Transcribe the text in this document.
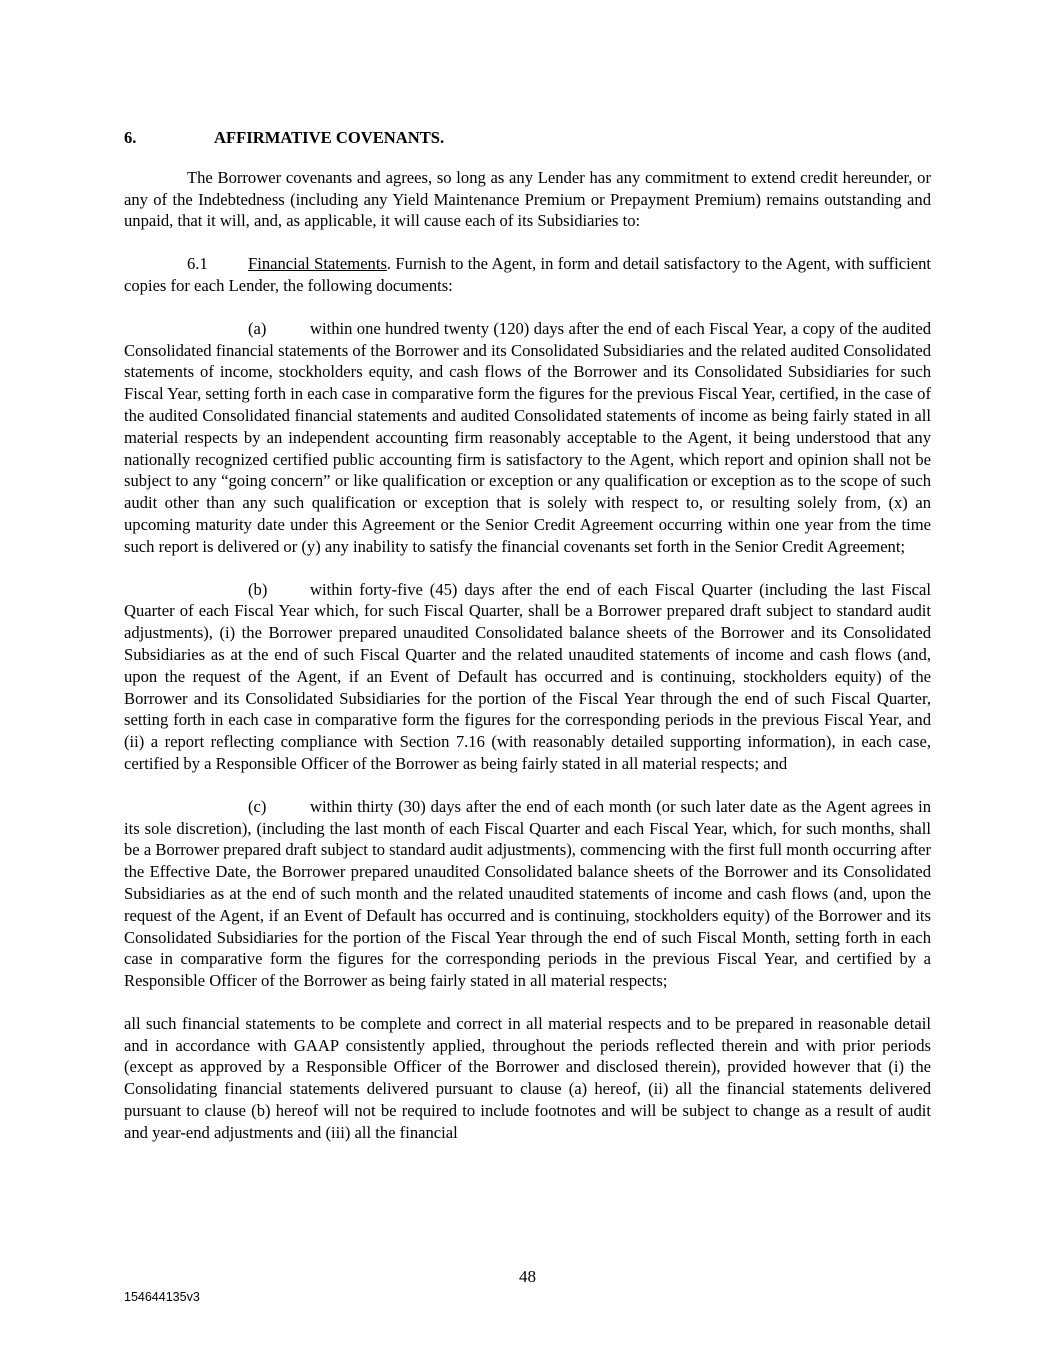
6.	AFFIRMATIVE COVENANTS.

The Borrower covenants and agrees, so long as any Lender has any commitment to extend credit hereunder, or any of the Indebtedness (including any Yield Maintenance Premium or Prepayment Premium) remains outstanding and unpaid, that it will, and, as applicable, it will cause each of its Subsidiaries to:

6.1 Financial Statements. Furnish to the Agent, in form and detail satisfactory to the Agent, with sufficient copies for each Lender, the following documents:

(a)	within one hundred twenty (120) days after the end of each Fiscal Year, a copy of the audited Consolidated financial statements of the Borrower and its Consolidated Subsidiaries and the related audited Consolidated statements of income, stockholders equity, and cash flows of the Borrower and its Consolidated Subsidiaries for such Fiscal Year, setting forth in each case in comparative form the figures for the previous Fiscal Year, certified, in the case of the audited Consolidated financial statements and audited Consolidated statements of income as being fairly stated in all material respects by an independent accounting firm reasonably acceptable to the Agent, it being understood that any nationally recognized certified public accounting firm is satisfactory to the Agent, which report and opinion shall not be subject to any “going concern” or like qualification or exception or any qualification or exception as to the scope of such audit other than any such qualification or exception that is solely with respect to, or resulting solely from, (x) an upcoming maturity date under this Agreement or the Senior Credit Agreement occurring within one year from the time such report is delivered or (y) any inability to satisfy the financial covenants set forth in the Senior Credit Agreement;

(b)	within forty-five (45) days after the end of each Fiscal Quarter (including the last Fiscal Quarter of each Fiscal Year which, for such Fiscal Quarter, shall be a Borrower prepared draft subject to standard audit adjustments), (i) the Borrower prepared unaudited Consolidated balance sheets of the Borrower and its Consolidated Subsidiaries as at the end of such Fiscal Quarter and the related unaudited statements of income and cash flows (and, upon the request of the Agent, if an Event of Default has occurred and is continuing, stockholders equity) of the Borrower and its Consolidated Subsidiaries for the portion of the Fiscal Year through the end of such Fiscal Quarter, setting forth in each case in comparative form the figures for the corresponding periods in the previous Fiscal Year, and (ii) a report reflecting compliance with Section 7.16 (with reasonably detailed supporting information), in each case, certified by a Responsible Officer of the Borrower as being fairly stated in all material respects; and

(c)	within thirty (30) days after the end of each month (or such later date as the Agent agrees in its sole discretion), (including the last month of each Fiscal Quarter and each Fiscal Year, which, for such months, shall be a Borrower prepared draft subject to standard audit adjustments), commencing with the first full month occurring after the Effective Date, the Borrower prepared unaudited Consolidated balance sheets of the Borrower and its Consolidated Subsidiaries as at the end of such month and the related unaudited statements of income and cash flows (and, upon the request of the Agent, if an Event of Default has occurred and is continuing, stockholders equity) of the Borrower and its Consolidated Subsidiaries for the portion of the Fiscal Year through the end of such Fiscal Month, setting forth in each case in comparative form the figures for the corresponding periods in the previous Fiscal Year, and certified by a Responsible Officer of the Borrower as being fairly stated in all material respects;

all such financial statements to be complete and correct in all material respects and to be prepared in reasonable detail and in accordance with GAAP consistently applied, throughout the periods reflected therein and with prior periods (except as approved by a Responsible Officer of the Borrower and disclosed therein), provided however that (i) the Consolidating financial statements delivered pursuant to clause (a) hereof, (ii) all the financial statements delivered pursuant to clause (b) hereof will not be required to include footnotes and will be subject to change as a result of audit and year-end adjustments and (iii) all the financial

48
154644135v3
